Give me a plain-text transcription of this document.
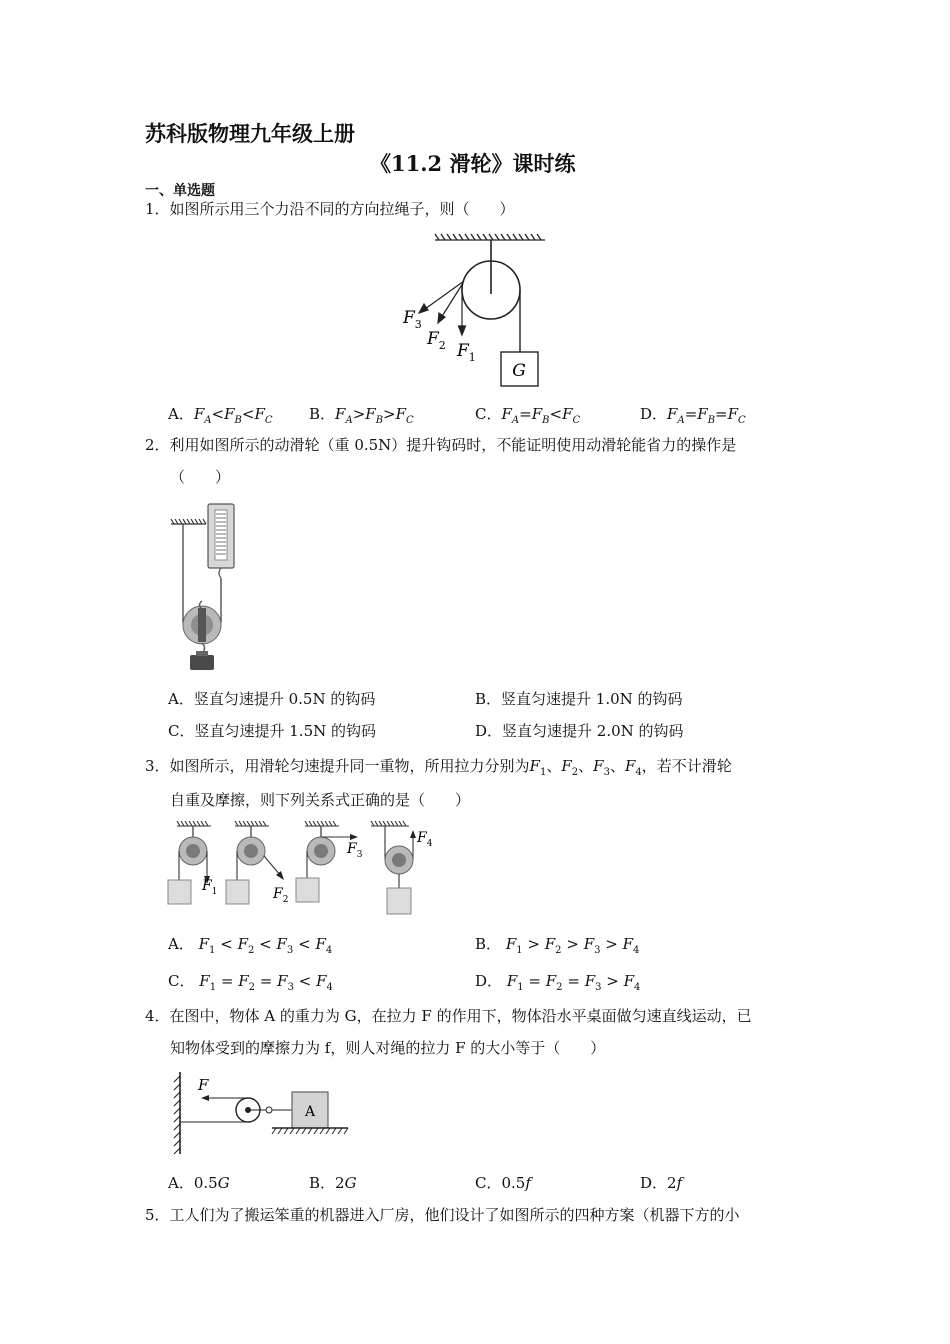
苏科版物理九年级上册
《11.2 滑轮》课时练
一、单选题
1．如图所示用三个力沿不同的方向拉绳子，则（　　）
G
$F_3$
$F_2$ $F_1$
A．$F_A<F_B<F_C$ B．$F_A>F_B>F_C$	C．$F_A=F_B<F_C$	D．$F_A=F_B=F_C$
2．利用如图所示的动滑轮（重 0.5N）提升钩码时，不能证明使用动滑轮能省力的操作是
（　　）
A．竖直匀速提升 0.5N 的钩码	B．竖直匀速提升 1.0N 的钩码
C．竖直匀速提升 1.5N 的钩码	D．竖直匀速提升 2.0N 的钩码
3．如图所示，用滑轮匀速提升同一重物，所用拉力分别为$F_1$、$F_2$、$F_3$、$F_4$，若不计滑轮
自重及摩擦，则下列关系式正确的是（　　）
$F_1$	$F_2$
$F_3$
$F_4$
A． $F_1 < F_2 < F_3 < F_4$	B． $F_1 > F_2 > F_3 > F_4$
C． $F_1 = F_2 = F_3 < F_4$	D． $F_1 = F_2 = F_3 > F_4$
4．在图中，物体 A 的重力为 G，在拉力 F 的作用下，物体沿水平桌面做匀速直线运动，已
知物体受到的摩擦力为 f，则人对绳的拉力 F 的大小等于（　　）
F
A
A．0.5G	B．2G	C．0.5f	D．2f
5．工人们为了搬运笨重的机器进入厂房，他们设计了如图所示的四种方案（机器下方的小
